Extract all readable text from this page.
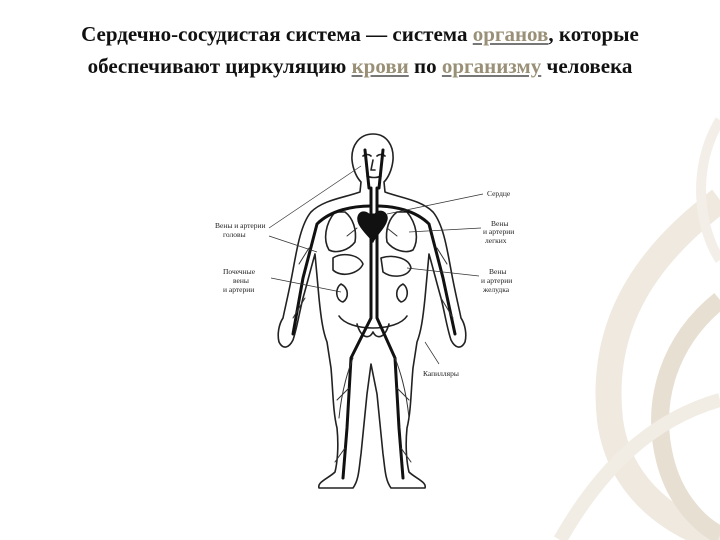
Сердечно-сосудистая система — система органов, которые обеспечивают циркуляцию крови по организму человека
Сердце
Вены и артерии
головы
Вены
и артерии
легких
Почечные
вены
и артерии
Вены
и артерии
желудка
Капилляры
